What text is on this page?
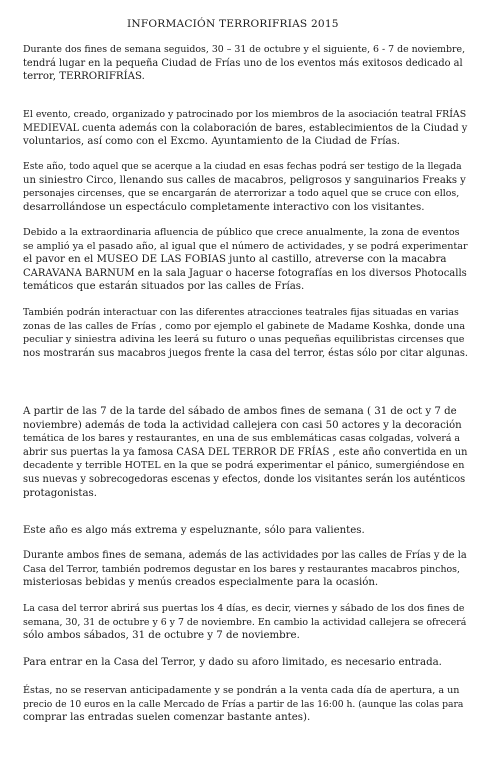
INFORMACIÓN TERRORIFRIAS 2015
Durante dos fines de semana seguidos, 30 – 31 de octubre y el siguiente, 6 - 7 de noviembre,
tendrá lugar en la pequeña Ciudad de Frías uno de los eventos más exitosos dedicado al
terror, TERRORIFRÍAS.
El evento, creado, organizado y patrocinado por los miembros de la asociación teatral FRÍAS
MEDIEVAL cuenta además con la colaboración de bares, establecimientos de la Ciudad y
voluntarios, así como con el Excmo. Ayuntamiento de la Ciudad de Frías.
Este año, todo aquel que se acerque a la ciudad en esas fechas podrá ser testigo de la llegada
un siniestro Circo, llenando sus calles de macabros, peligrosos y sanguinarios Freaks y
personajes circenses, que se encargarán de aterrorizar a todo aquel que se cruce con ellos,
desarrollándose un espectáculo completamente interactivo con los visitantes.
Debido a la extraordinaria afluencia de público que crece anualmente, la zona de eventos
se amplió ya el pasado año, al igual que el número de actividades, y se podrá experimentar
el pavor en el MUSEO DE LAS FOBIAS junto al castillo, atreverse con la macabra
CARAVANA BARNUM en la sala Jaguar o hacerse fotografías en los diversos Photocalls
temáticos que estarán situados por las calles de Frías.
También podrán interactuar con las diferentes atracciones teatrales fijas situadas en varias
zonas de las calles de Frías , como por ejemplo el gabinete de Madame Koshka, donde una
peculiar y siniestra adivina les leerá su futuro o unas pequeñas equilibristas circenses que
nos mostrarán sus macabros juegos frente la casa del terror, éstas sólo por citar algunas.
A partir de las 7 de la tarde del sábado de ambos fines de semana ( 31 de oct y 7 de
noviembre) además de toda la actividad callejera con casi 50 actores y la decoración
temática de los bares y restaurantes, en una de sus emblemáticas casas colgadas, volverá a
abrir sus puertas la ya famosa CASA DEL TERROR DE FRÍAS , este año convertida en un
decadente y terrible HOTEL en la que se podrá experimentar el pánico, sumergiéndose en
sus nuevas y sobrecogedoras escenas y efectos, donde los visitantes serán los auténticos
protagonistas.
Este año es algo más extrema y espeluznante, sólo para valientes.
Durante ambos fines de semana, además de las actividades por las calles de Frías y de la
Casa del Terror, también podremos degustar en los bares y restaurantes macabros pinchos,
misteriosas bebidas y menús creados especialmente para la ocasión.
La casa del terror abrirá sus puertas los 4 días, es decir, viernes y sábado de los dos fines de
semana, 30, 31 de octubre y 6 y 7 de noviembre. En cambio la actividad callejera se ofrecerá
sólo ambos sábados, 31 de octubre y 7 de noviembre.
Para entrar en la Casa del Terror, y dado su aforo limitado, es necesario entrada.
Éstas, no se reservan anticipadamente y se pondrán a la venta cada día de apertura, a un
precio de 10 euros en la calle Mercado de Frías a partir de las 16:00 h. (aunque las colas para
comprar las entradas suelen comenzar bastante antes).
